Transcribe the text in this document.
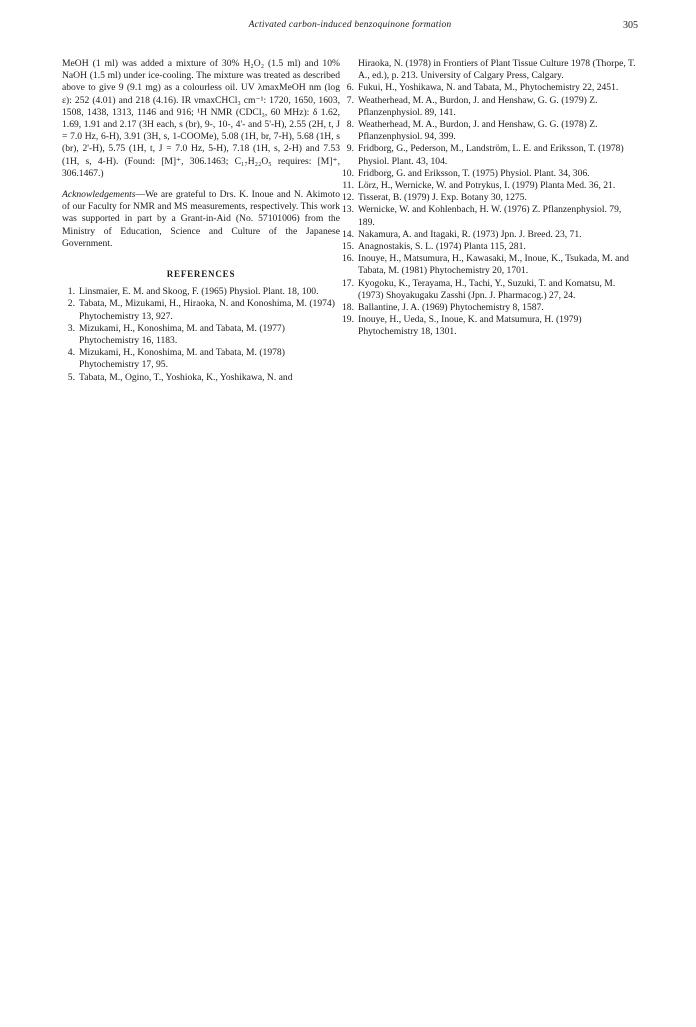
Activated carbon-induced benzoquinone formation	305

MeOH (1 ml) was added a mixture of 30% H₂O₂ (1.5 ml) and 10% NaOH (1.5 ml) under ice-cooling. The mixture was treated as described above to give 9 (9.1 mg) as a colourless oil. UV λmaxMeOH nm (log ε): 252 (4.01) and 218 (4.16). IR νmaxCHCl₃ cm⁻¹: 1720, 1650, 1603, 1508, 1438, 1313, 1146 and 916; ¹H NMR (CDCl₃, 60 MHz): δ 1.62, 1.69, 1.91 and 2.17 (3H each, s (br), 9-, 10-, 4'- and 5'-H), 2.55 (2H, t, J = 7.0 Hz, 6-H), 3.91 (3H, s, 1-COOMe), 5.08 (1H, br, 7-H), 5.68 (1H, s (br), 2'-H), 5.75 (1H, t, J = 7.0 Hz, 5-H), 7.18 (1H, s, 2-H) and 7.53 (1H, s, 4-H). (Found: [M]⁺, 306.1463; C₁₇H₂₂O₅ requires: [M]⁺, 306.1467.)

Acknowledgements—We are grateful to Drs. K. Inoue and N. Akimoto of our Faculty for NMR and MS measurements, respectively. This work was supported in part by a Grant-in-Aid (No. 57101006) from the Ministry of Education, Science and Culture of the Japanese Government.

REFERENCES
1. Linsmaier, E. M. and Skoog, F. (1965) Physiol. Plant. 18, 100.
2. Tabata, M., Mizukami, H., Hiraoka, N. and Konoshima, M. (1974) Phytochemistry 13, 927.
3. Mizukami, H., Konoshima, M. and Tabata, M. (1977) Phytochemistry 16, 1183.
4. Mizukami, H., Konoshima, M. and Tabata, M. (1978) Phytochemistry 17, 95.
5. Tabata, M., Ogino, T., Yoshioka, K., Yoshikawa, N. and
Hiraoka, N. (1978) in Frontiers of Plant Tissue Culture 1978 (Thorpe, T. A., ed.), p. 213. University of Calgary Press, Calgary.
6. Fukui, H., Yoshikawa, N. and Tabata, M., Phytochemistry 22, 2451.
7. Weatherhead, M. A., Burdon, J. and Henshaw, G. G. (1979) Z. Pflanzenphysiol. 89, 141.
8. Weatherhead, M. A., Burdon, J. and Henshaw, G. G. (1978) Z. Pflanzenphysiol. 94, 399.
9. Fridborg, G., Pederson, M., Landström, L. E. and Eriksson, T. (1978) Physiol. Plant. 43, 104.
10. Fridborg, G. and Eriksson, T. (1975) Physiol. Plant. 34, 306.
11. Lörz, H., Wernicke, W. and Potrykus, I. (1979) Planta Med. 36, 21.
12. Tisserat, B. (1979) J. Exp. Botany 30, 1275.
13. Wernicke, W. and Kohlenbach, H. W. (1976) Z. Pflanzenphysiol. 79, 189.
14. Nakamura, A. and Itagaki, R. (1973) Jpn. J. Breed. 23, 71.
15. Anagnostakis, S. L. (1974) Planta 115, 281.
16. Inouye, H., Matsumura, H., Kawasaki, M., Inoue, K., Tsukada, M. and Tabata, M. (1981) Phytochemistry 20, 1701.
17. Kyogoku, K., Terayama, H., Tachi, Y., Suzuki, T. and Komatsu, M. (1973) Shoyakugaku Zasshi (Jpn. J. Pharmacog.) 27, 24.
18. Ballantine, J. A. (1969) Phytochemistry 8, 1587.
19. Inouye, H., Ueda, S., Inoue, K. and Matsumura, H. (1979) Phytochemistry 18, 1301.
